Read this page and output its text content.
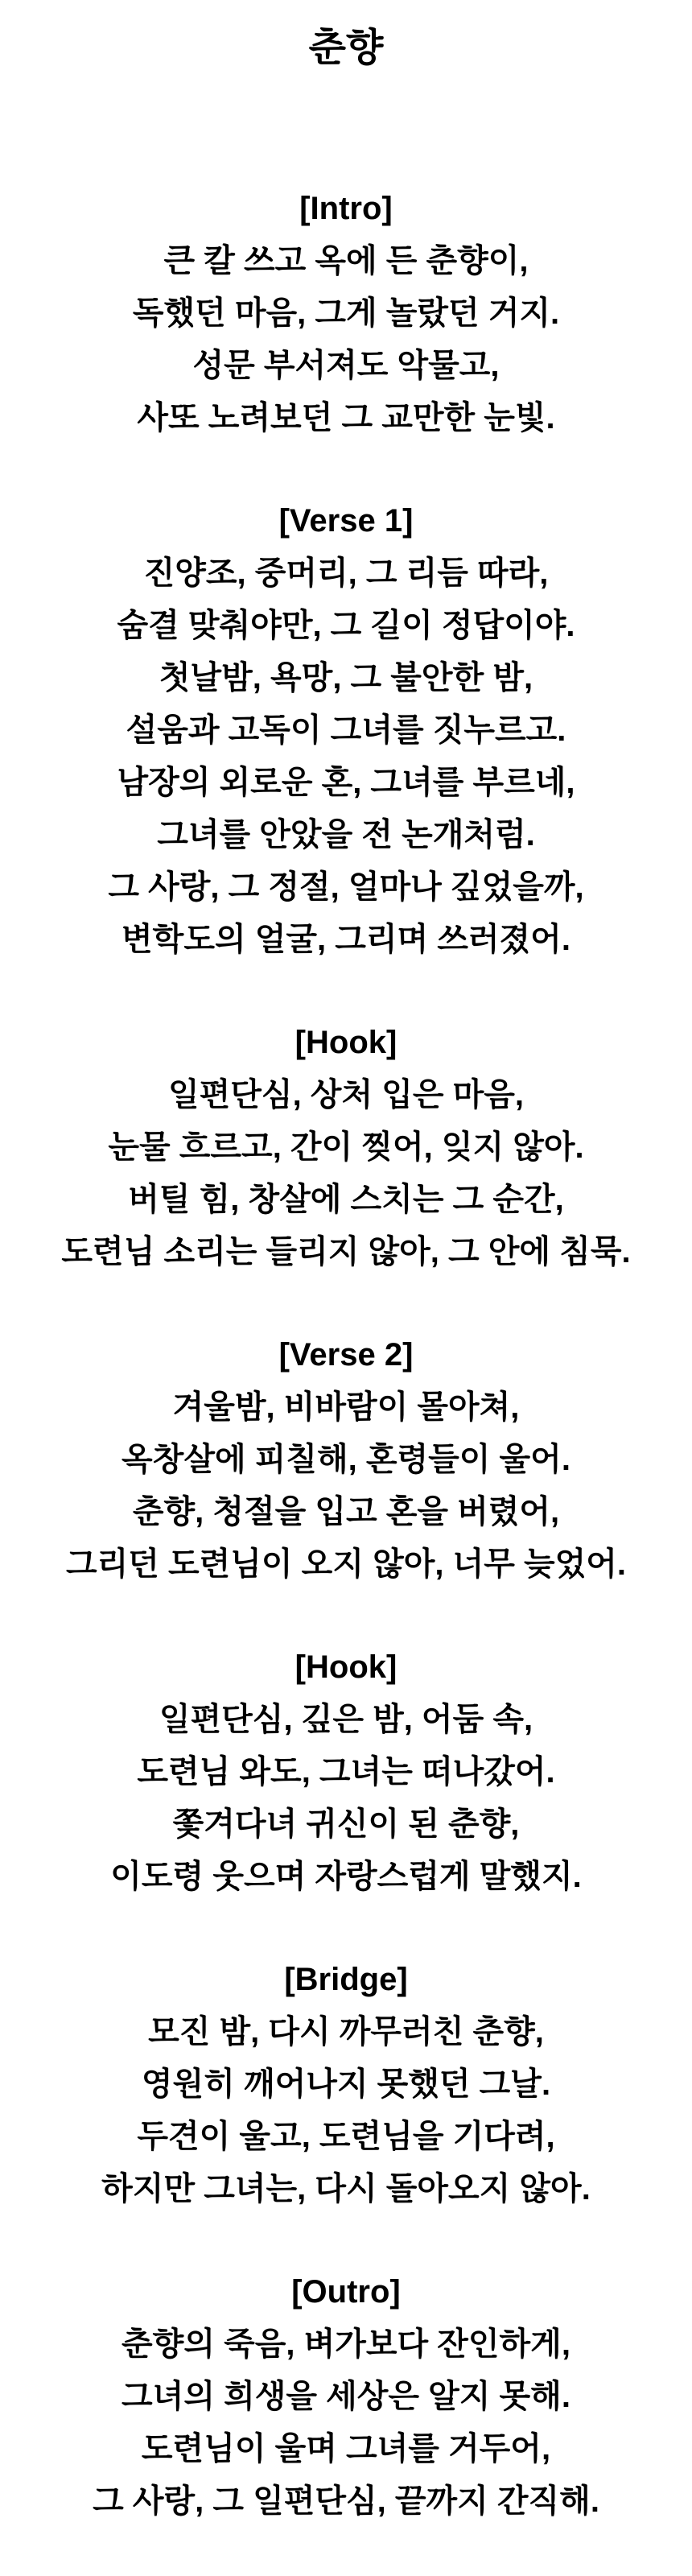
춘향
[Intro]
큰 칼 쓰고 옥에 든 춘향이,
독했던 마음, 그게 놀랐던 거지.
성문 부서져도 악물고,
사또 노려보던 그 교만한 눈빛.
[Verse 1]
진양조, 중머리, 그 리듬 따라,
숨결 맞춰야만, 그 길이 정답이야.
첫날밤, 욕망, 그 불안한 밤,
설움과 고독이 그녀를 짓누르고.
남장의 외로운 혼, 그녀를 부르네,
그녀를 안았을 전 논개처럼.
그 사랑, 그 정절, 얼마나 깊었을까,
변학도의 얼굴, 그리며 쓰러졌어.
[Hook]
일편단심, 상처 입은 마음,
눈물 흐르고, 간이 찢어, 잊지 않아.
버틸 힘, 창살에 스치는 그 순간,
도련님 소리는 들리지 않아, 그 안에 침묵.
[Verse 2]
겨울밤, 비바람이 몰아쳐,
옥창살에 피칠해, 혼령들이 울어.
춘향, 청절을 입고 혼을 버렸어,
그리던 도련님이 오지 않아, 너무 늦었어.
[Hook]
일편단심, 깊은 밤, 어둠 속,
도련님 와도, 그녀는 떠나갔어.
쫓겨다녀 귀신이 된 춘향,
이도령 웃으며 자랑스럽게 말했지.
[Bridge]
모진 밤, 다시 까무러친 춘향,
영원히 깨어나지 못했던 그날.
두견이 울고, 도련님을 기다려,
하지만 그녀는, 다시 돌아오지 않아.
[Outro]
춘향의 죽음, 벼가보다 잔인하게,
그녀의 희생을 세상은 알지 못해.
도련님이 울며 그녀를 거두어,
그 사랑, 그 일편단심, 끝까지 간직해.
